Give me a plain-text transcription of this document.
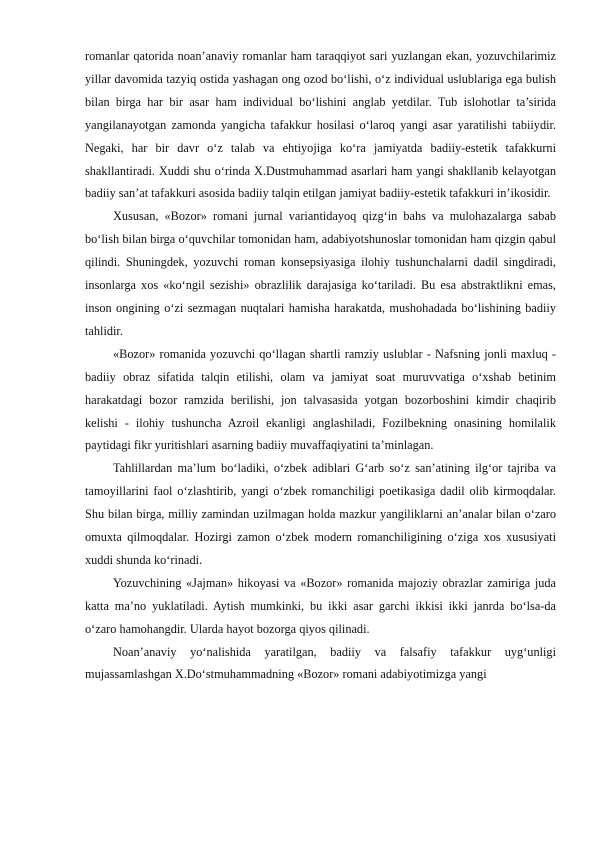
romanlar qatorida noan’anaviy romanlar ham taraqqiyot sari yuzlangan ekan, yozuvchilarimiz yillar davomida tazyiq ostida yashagan ong ozod bo‘lishi, o‘z individual uslublariga ega bulish bilan birga har bir asar ham individual bo‘lishini anglab yetdilar. Tub islohotlar ta’sirida yangilanayotgan zamonda yangicha tafakkur hosilasi o‘laroq yangi asar yaratilishi tabiiydir. Negaki, har bir davr o‘z talab va ehtiyojiga ko‘ra jamiyatda badiiy-estetik tafakkurni shakllantiradi. Xuddi shu o‘rinda X.Dustmuhammad asarlari ham yangi shakllanib kelayotgan badiiy san’at tafakkuri asosida badiiy talqin etilgan jamiyat badiiy-estetik tafakkuri in’ikosidir.

Xususan, «Bozor» romani jurnal variantidayoq qizg‘in bahs va mulohazalarga sabab bo‘lish bilan birga o‘quvchilar tomonidan ham, adabiyotshunoslar tomonidan ham qizgin qabul qilindi. Shuningdek, yozuvchi roman konsepsiyasiga ilohiy tushunchalarni dadil singdiradi, insonlarga xos «ko‘ngil sezishi» obrazlilik darajasiga ko‘tariladi. Bu esa abstraktlikni emas, inson ongining o‘zi sezmagan nuqtalari hamisha harakatda, mushohadada bo‘lishining badiiy tahlidir.

«Bozor» romanida yozuvchi qo‘llagan shartli ramziy uslublar - Nafsning jonli maxluq - badiiy obraz sifatida talqin etilishi, olam va jamiyat soat muruvvatiga o‘xshab betinim harakatdagi bozor ramzida berilishi, jon talvasasida yotgan bozorboshini kimdir chaqirib kelishi - ilohiy tushuncha Azroil ekanligi anglashiladi, Fozilbekning onasining homilalik paytidagi fikr yuritishlari asarning badiiy muvaffaqiyatini ta’minlagan.

Tahlillardan ma’lum bo‘ladiki, o‘zbek adiblari G‘arb so‘z san’atining ilg‘or tajriba va tamoyillarini faol o‘zlashtirib, yangi o‘zbek romanchiligi poetikasiga dadil olib kirmoqdalar. Shu bilan birga, milliy zamindan uzilmagan holda mazkur yangiliklarni an’analar bilan o‘zaro omuxta qilmoqdalar. Hozirgi zamon o‘zbek modern romanchiligining o‘ziga xos xususiyati xuddi shunda ko‘rinadi.

Yozuvchining «Jajman» hikoyasi va «Bozor» romanida majoziy obrazlar zamiriga juda katta ma’no yuklatiladi. Aytish mumkinki, bu ikki asar garchi ikkisi ikki janrda bo‘lsa-da o‘zaro hamohangdir. Ularda hayot bozorga qiyos qilinadi.

Noan’anaviy yo‘nalishida yaratilgan, badiiy va falsafiy tafakkur uyg‘unligi mujassamlashgan X.Do‘stmuhammadning «Bozor» romani adabiyotimizga yangi
